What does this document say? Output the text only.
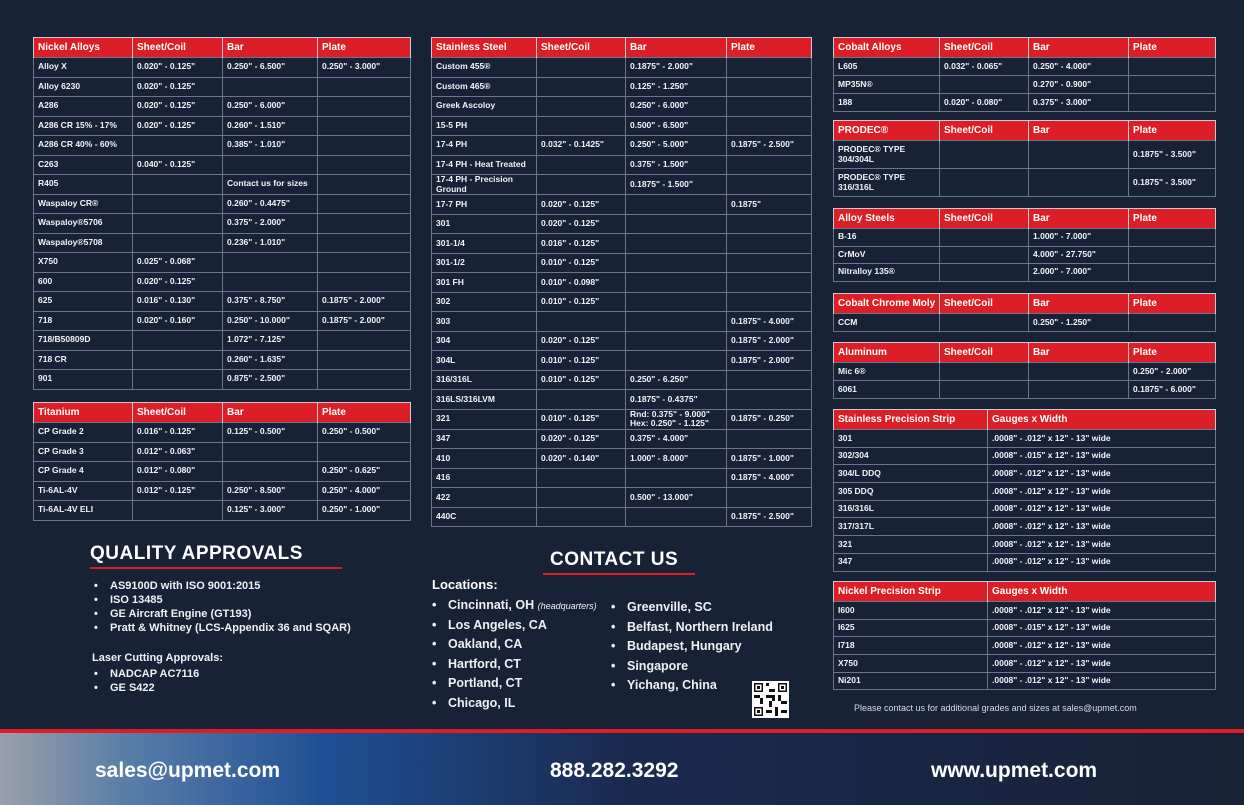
Nickel Alloys	Sheet/Coil	Bar	Plate
Alloy X	0.020" - 0.125"	0.250" - 6.500"	0.250" - 3.000"
Alloy 6230	0.020" - 0.125"		
A286	0.020" - 0.125"	0.250" - 6.000"	
A286 CR 15% - 17%	0.020" - 0.125"	0.260" - 1.510"	
A286 CR 40% - 60%		0.385" - 1.010"	
C263	0.040" - 0.125"		
R405		Contact us for sizes	
Waspaloy CR®		0.260" - 0.4475"	
Waspaloy®5706		0.375" - 2.000"	
Waspaloy®5708		0.236" - 1.010"	
X750	0.025" - 0.068"		
600	0.020" - 0.125"		
625	0.016" - 0.130"	0.375" - 8.750"	0.1875" - 2.000"
718	0.020" - 0.160"	0.250" - 10.000"	0.1875" - 2.000"
718/B50809D		1.072" - 7.125"	
718 CR		0.260" - 1.635"	
901		0.875" - 2.500"	
Titanium	Sheet/Coil	Bar	Plate
CP Grade 2	0.016" - 0.125"	0.125" - 0.500"	0.250" - 0.500"
CP Grade 3	0.012" - 0.063"		
CP Grade 4	0.012" - 0.080"		0.250" - 0.625"
Ti-6AL-4V	0.012" - 0.125"	0.250" - 8.500"	0.250" - 4.000"
Ti-6AL-4V ELI		0.125" - 3.000"	0.250" - 1.000"
Stainless Steel	Sheet/Coil	Bar	Plate
Custom 455®		0.1875" - 2.000"	
Custom 465®		0.125" - 1.250"	
Greek Ascoloy		0.250" - 6.000"	
15-5 PH		0.500" - 6.500"	
17-4 PH	0.032" - 0.1425"	0.250" - 5.000"	0.1875" - 2.500"
17-4 PH - Heat Treated		0.375" - 1.500"	
17-4 PH - Precision Ground		0.1875" - 1.500"	
17-7 PH	0.020" - 0.125"		0.1875"
301	0.020" - 0.125"		
301-1/4	0.016" - 0.125"		
301-1/2	0.010" - 0.125"		
301 FH	0.010" - 0.098"		
302	0.010" - 0.125"		
303			0.1875" - 4.000"
304	0.020" - 0.125"		0.1875" - 2.000"
304L	0.010" - 0.125"		0.1875" - 2.000"
316/316L	0.010" - 0.125"	0.250" - 6.250"	
316LS/316LVM		0.1875" - 0.4375"	
321	0.010" - 0.125"	Rnd: 0.375" - 9.000" Hex: 0.250" - 1.125"	0.1875" - 0.250"
347	0.020" - 0.125"	0.375" - 4.000"	
410	0.020" - 0.140"	1.000" - 8.000"	0.1875" - 1.000"
416			0.1875" - 4.000"
422		0.500" - 13.000"	
440C			0.1875" - 2.500"
Cobalt Alloys	Sheet/Coil	Bar	Plate
L605	0.032" - 0.065"	0.250" - 4.000"	
MP35N®		0.270" - 0.900"	
188	0.020" - 0.080"	0.375" - 3.000"	
PRODEC®	Sheet/Coil	Bar	Plate
PRODEC® TYPE 304/304L			0.1875" - 3.500"
PRODEC® TYPE 316/316L			0.1875" - 3.500"
Alloy Steels	Sheet/Coil	Bar	Plate
B-16		1.000" - 7.000"	
CrMoV		4.000" - 27.750"	
Nitralloy 135®		2.000" - 7.000"	
Cobalt Chrome Moly	Sheet/Coil	Bar	Plate
CCM		0.250" - 1.250"	
Aluminum	Sheet/Coil	Bar	Plate
Mic 6®			0.250" - 2.000"
6061			0.1875" - 6.000"
Stainless Precision Strip	Gauges x Width
301	.0008" - .012" x 12" - 13" wide
302/304	.0008" - .015" x 12" - 13" wide
304/L DDQ	.0008" - .012" x 12" - 13" wide
305 DDQ	.0008" - .012" x 12" - 13" wide
316/316L	.0008" - .012" x 12" - 13" wide
317/317L	.0008" - .012" x 12" - 13" wide
321	.0008" - .012" x 12" - 13" wide
347	.0008" - .012" x 12" - 13" wide
Nickel Precision Strip	Gauges x Width
I600	.0008" - .012" x 12" - 13" wide
I625	.0008" - .015" x 12" - 13" wide
I718	.0008" - .012" x 12" - 13" wide
X750	.0008" - .012" x 12" - 13" wide
Ni201	.0008" - .012" x 12" - 13" wide
QUALITY APPROVALS
• AS9100D with ISO 9001:2015
• ISO 13485
• GE Aircraft Engine (GT193)
• Pratt & Whitney (LCS-Appendix 36 and SQAR)
Laser Cutting Approvals:
• NADCAP AC7116
• GE S422
CONTACT US
Locations:
• Cincinnati, OH (headquarters)
• Los Angeles, CA
• Oakland, CA
• Hartford, CT
• Portland, CT
• Chicago, IL
• Greenville, SC
• Belfast, Northern Ireland
• Budapest, Hungary
• Singapore
• Yichang, China
Please contact us for additional grades and sizes at sales@upmet.com
sales@upmet.com	888.282.3292	www.upmet.com
